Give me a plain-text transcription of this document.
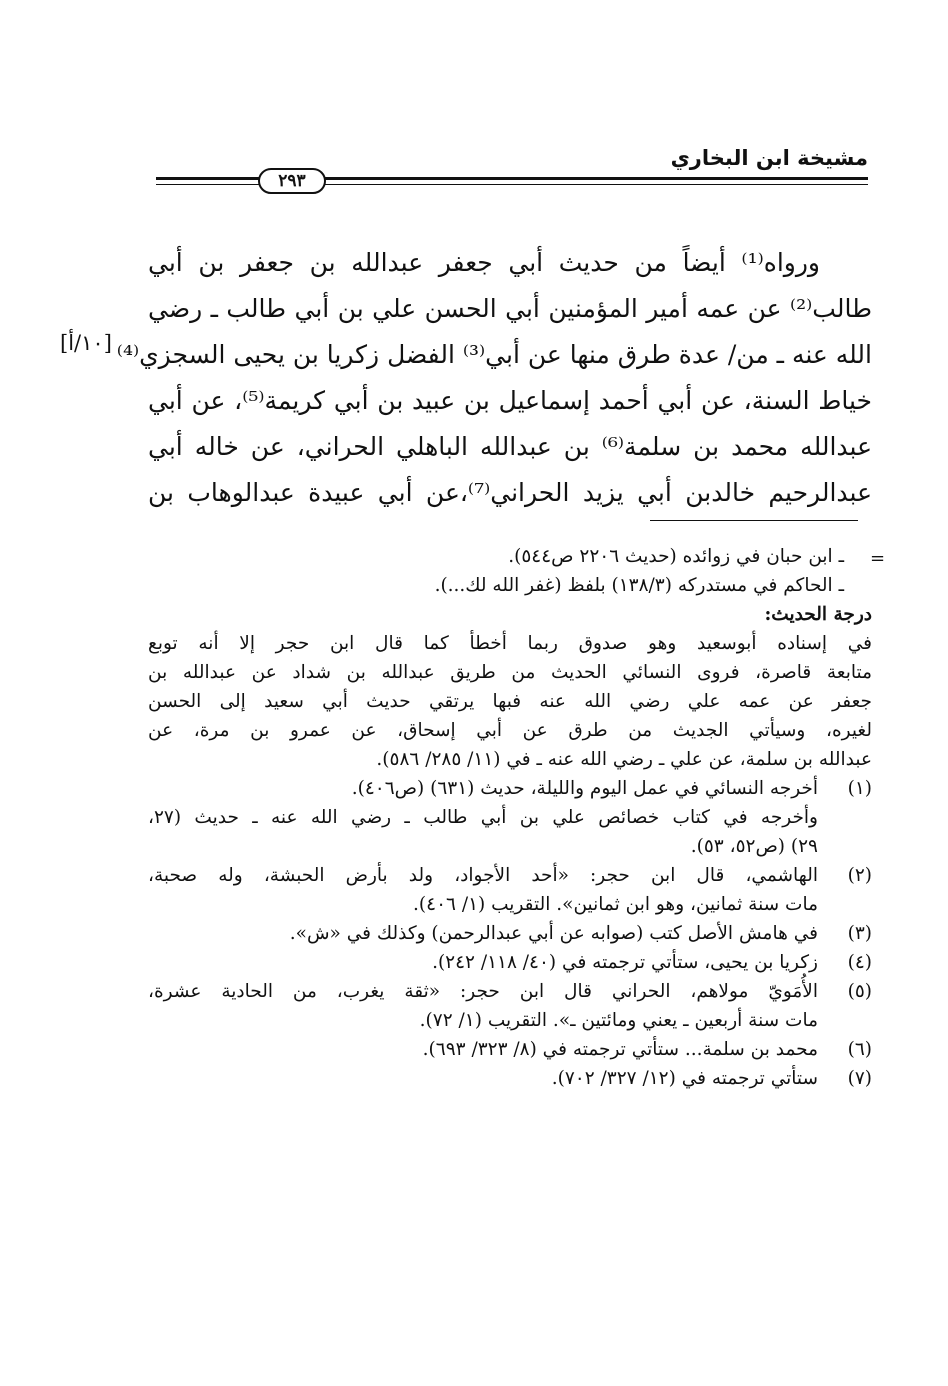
مشيخة ابن البخاري
٢٩٣
ورواه⁽¹⁾ أيضاً من حديث أبي جعفر عبدالله بن جعفر بن أبي
طالب⁽²⁾ عن عمه أمير المؤمنين أبي الحسن علي بن أبي طالب ـ رضي
الله عنه ـ من/ عدة طرق منها عن أبي⁽³⁾ الفضل زكريا بن يحيى السجزي⁽⁴⁾
خياط السنة، عن أبي أحمد إسماعيل بن عبيد بن أبي كريمة⁽⁵⁾، عن أبي
عبدالله محمد بن سلمة⁽⁶⁾ بن عبدالله الباهلي الحراني، عن خاله أبي
عبدالرحيم خالدبن أبي يزيد الحراني⁽⁷⁾،عن أبي عبيدة عبدالوهاب بن
[١٠/أ]
=
ـ ابن حبان في زوائده (حديث ٢٢٠٦ ص٥٤٤).
ـ الحاكم في مستدركه (١٣٨/٣) بلفظ (غفر الله لك...).
درجة الحديث:
في إسناده أبوسعيد وهو صدوق ربما أخطأ كما قال ابن حجر إلا أنه توبع
متابعة قاصرة، فروى النسائي الحديث من طريق عبدالله بن شداد عن عبدالله بن
جعفر عن عمه علي رضي الله عنه فبها يرتقي حديث أبي سعيد إلى الحسن
لغيره، وسيأتي الجديث من طرق عن أبي إسحاق، عن عمرو بن مرة، عن
عبدالله بن سلمة، عن علي ـ رضي الله عنه ـ في (١١/ ٢٨٥/ ٥٨٦).
(١)
أخرجه النسائي في عمل اليوم والليلة، حديث (٦٣١) (ص٤٠٦).
وأخرجه في كتاب خصائص علي بن أبي طالب ـ رضي الله عنه ـ حديث (٢٧،
٢٩) (ص٥٢، ٥٣).
(٢)
الهاشمي، قال ابن حجر: «أحد الأجواد، ولد بأرض الحبشة، وله صحبة،
مات سنة ثمانين، وهو ابن ثمانين». التقريب (١/ ٤٠٦).
(٣)
في هامش الأصل كتب (صوابه عن أبي عبدالرحمن) وكذلك في «ش».
(٤)
زكريا بن يحيى، ستأتي ترجمته في (٤٠/ ١١٨/ ٢٤٢).
(٥)
الأُمَويّ مولاهم، الحراني قال ابن حجر: «ثقة يغرب، من الحادية عشرة،
مات سنة أربعين ـ يعني ومائتين ـ». التقريب (١/ ٧٢).
(٦)
محمد بن سلمة... ستأتي ترجمته في (٨/ ٣٢٣/ ٦٩٣).
(٧)
ستأتي ترجمته في (١٢/ ٣٢٧/ ٧٠٢).
